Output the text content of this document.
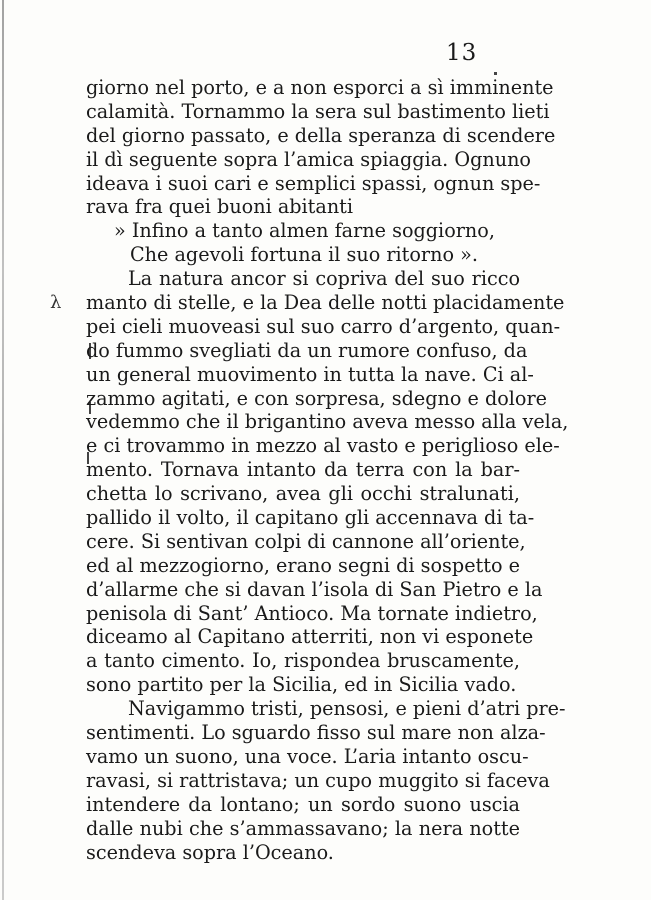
13
λ
giorno nel porto, e a non esporci a sì imminente
calamità. Tornammo la sera sul bastimento lieti
del giorno passato, e della speranza di scendere
il dì seguente sopra l’amica spiaggia. Ognuno
ideava i suoi cari e semplici spassi, ognun spe-
rava fra quei buoni abitanti
» Infino a tanto almen farne soggiorno,
Che agevoli fortuna il suo ritorno ».
La natura ancor si copriva del suo ricco
manto di stelle, e la Dea delle notti placidamente
pei cieli muoveasi sul suo carro d’argento, quan-
do fummo svegliati da un rumore confuso, da
un general muovimento in tutta la nave. Ci al-
zammo agitati, e con sorpresa, sdegno e dolore
vedemmo che il brigantino aveva messo alla vela,
e ci trovammo in mezzo al vasto e periglioso ele-
mento. Tornava intanto da terra con la bar-
chetta lo scrivano, avea gli occhi stralunati,
pallido il volto, il capitano gli accennava di ta-
cere. Si sentivan colpi di cannone all’oriente,
ed al mezzogiorno, erano segni di sospetto e
d’allarme che si davan l’isola di San Pietro e la
penisola di Sant’ Antioco. Ma tornate indietro,
diceamo al Capitano atterriti, non vi esponete
a tanto cimento. Io, rispondea bruscamente,
sono partito per la Sicilia, ed in Sicilia vado.
Navigammo tristi, pensosi, e pieni d’atri pre-
sentimenti. Lo sguardo fisso sul mare non alza-
vamo un suono, una voce. L’aria intanto oscu-
ravasi, si rattristava; un cupo muggito si faceva
intendere da lontano; un sordo suono uscia
dalle nubi che s’ammassavano; la nera notte
scendeva sopra l’Oceano.
